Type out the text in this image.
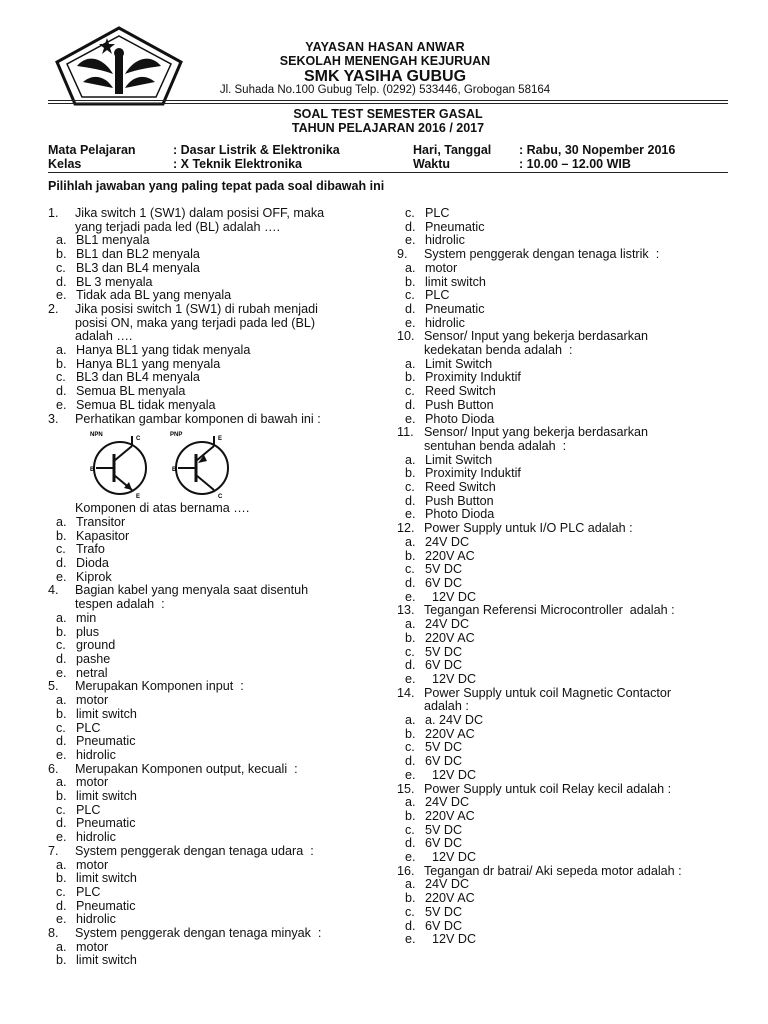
YAYASAN HASAN ANWAR
SEKOLAH MENENGAH KEJURUAN
SMK YASIHA GUBUG
Jl. Suhada No.100 Gubug Telp. (0292) 533446, Grobogan 58164
SOAL TEST SEMESTER GASAL
TAHUN PELAJARAN 2016 / 2017
Mata Pelajaran	: Dasar Listrik & Elektronika	Hari, Tanggal : Rabu, 30 Nopember 2016
Kelas	: X Teknik Elektronika	Waktu	: 10.00 – 12.00 WIB
Pilihlah jawaban yang paling tepat pada soal dibawah ini
1. Jika switch 1 (SW1) dalam posisi OFF, maka
yang terjadi pada led (BL) adalah ….
a. BL1 menyala
b. BL1 dan BL2 menyala
c. BL3 dan BL4 menyala
d. BL 3 menyala
e. Tidak ada BL yang menyala
2. Jika posisi switch 1 (SW1) di rubah menjadi
posisi ON, maka yang terjadi pada led (BL)
adalah ….
a. Hanya BL1 yang tidak menyala
b. Hanya BL1 yang menyala
c. BL3 dan BL4 menyala
d. Semua BL menyala
e. Semua BL tidak menyala
3. Perhatikan gambar komponen di bawah ini :
NPN	PNP
B
C
E
B
E
C
Komponen di atas bernama ….
a. Transitor
b. Kapasitor
c. Trafo
d. Dioda
e. Kiprok
4. Bagian kabel yang menyala saat disentuh
tespen adalah  :
a. min
b. plus
c. ground
d. pashe
e. netral
5. Merupakan Komponen input  :
a. motor
b. limit switch
c. PLC
d. Pneumatic
e. hidrolic
6. Merupakan Komponen output, kecuali  :
a. motor
b. limit switch
c. PLC
d. Pneumatic
e. hidrolic
7. System penggerak dengan tenaga udara  :
a. motor
b. limit switch
c. PLC
d. Pneumatic
e. hidrolic
8. System penggerak dengan tenaga minyak  :
a. motor
b. limit switch
c. PLC
d. Pneumatic
e. hidrolic
9. System penggerak dengan tenaga listrik  :
a. motor
b. limit switch
c. PLC
d. Pneumatic
e. hidrolic
10. Sensor/ Input yang bekerja berdasarkan
kedekatan benda adalah  :
a. Limit Switch
b. Proximity Induktif
c. Reed Switch
d. Push Button
e. Photo Dioda
11. Sensor/ Input yang bekerja berdasarkan
sentuhan benda adalah  :
a. Limit Switch
b. Proximity Induktif
c. Reed Switch
d. Push Button
e. Photo Dioda
12. Power Supply untuk I/O PLC adalah :
a. 24V DC
b. 220V AC
c. 5V DC
d. 6V DC
e. 12V DC
13. Tegangan Referensi Microcontroller  adalah :
a. 24V DC
b. 220V AC
c. 5V DC
d. 6V DC
e. 12V DC
14. Power Supply untuk coil Magnetic Contactor
adalah :
a. a. 24V DC
b. 220V AC
c. 5V DC
d. 6V DC
e. 12V DC
15. Power Supply untuk coil Relay kecil adalah :
a. 24V DC
b. 220V AC
c. 5V DC
d. 6V DC
e. 12V DC
16. Tegangan dr batrai/ Aki sepeda motor adalah :
a. 24V DC
b. 220V AC
c. 5V DC
d. 6V DC
e. 12V DC
